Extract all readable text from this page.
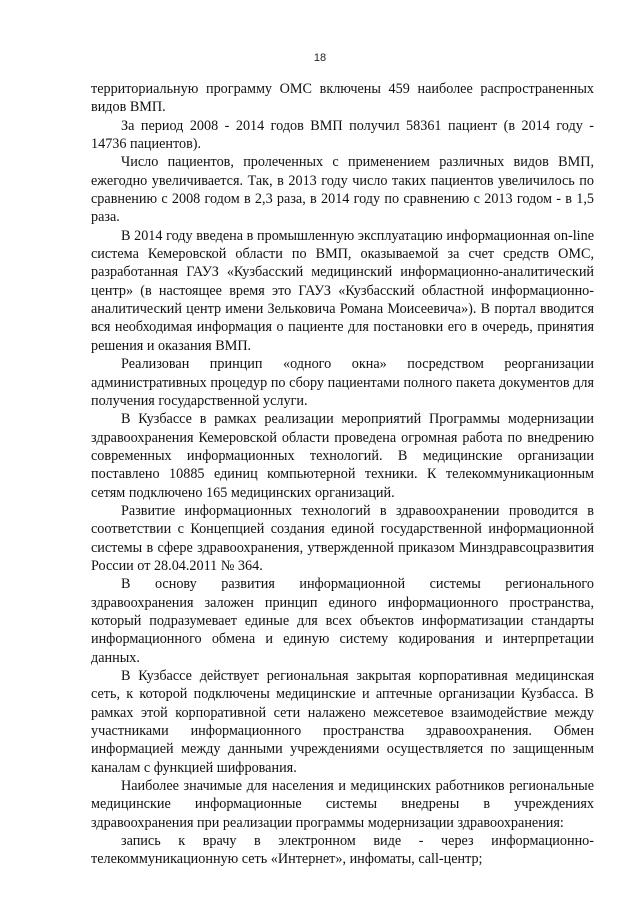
18

территориальную программу ОМС включены 459 наиболее распространенных видов ВМП.

За период 2008 - 2014 годов ВМП получил 58361 пациент (в 2014 году - 14736 пациентов).

Число пациентов, пролеченных с применением различных видов ВМП, ежегодно увеличивается. Так, в 2013 году число таких пациентов увеличилось по сравнению с 2008 годом в 2,3 раза, в 2014 году по сравнению с 2013 годом - в 1,5 раза.

В 2014 году введена в промышленную эксплуатацию информационная on-line система Кемеровской области по ВМП, оказываемой за счет средств ОМС, разработанная ГАУЗ «Кузбасский медицинский информационно-аналитический центр» (в настоящее время это ГАУЗ «Кузбасский областной информационно-аналитический центр имени Зельковича Романа Моисеевича»). В портал вводится вся необходимая информация о пациенте для постановки его в очередь, принятия решения и оказания ВМП.

Реализован принцип «одного окна» посредством реорганизации административных процедур по сбору пациентами полного пакета документов для получения государственной услуги.

В Кузбассе в рамках реализации мероприятий Программы модернизации здравоохранения Кемеровской области проведена огромная работа по внедрению современных информационных технологий. В медицинские организации поставлено 10885 единиц компьютерной техники. К телекоммуникационным сетям подключено 165 медицинских организаций.

Развитие информационных технологий в здравоохранении проводится в соответствии с Концепцией создания единой государственной информационной системы в сфере здравоохранения, утвержденной приказом Минздравсоцразвития России от 28.04.2011 № 364.

В основу развития информационной системы регионального здравоохранения заложен принцип единого информационного пространства, который подразумевает единые для всех объектов информатизации стандарты информационного обмена и единую систему кодирования и интерпретации данных.

В Кузбассе действует региональная закрытая корпоративная медицинская сеть, к которой подключены медицинские и аптечные организации Кузбасса. В рамках этой корпоративной сети налажено межсетевое взаимодействие между участниками информационного пространства здравоохранения. Обмен информацией между данными учреждениями осуществляется по защищенным каналам с функцией шифрования.

Наиболее значимые для населения и медицинских работников региональные медицинские информационные системы внедрены в учреждениях здравоохранения при реализации программы модернизации здравоохранения:

запись к врачу в электронном виде - через информационно-телекоммуникационную сеть «Интернет», инфоматы, call-центр;
